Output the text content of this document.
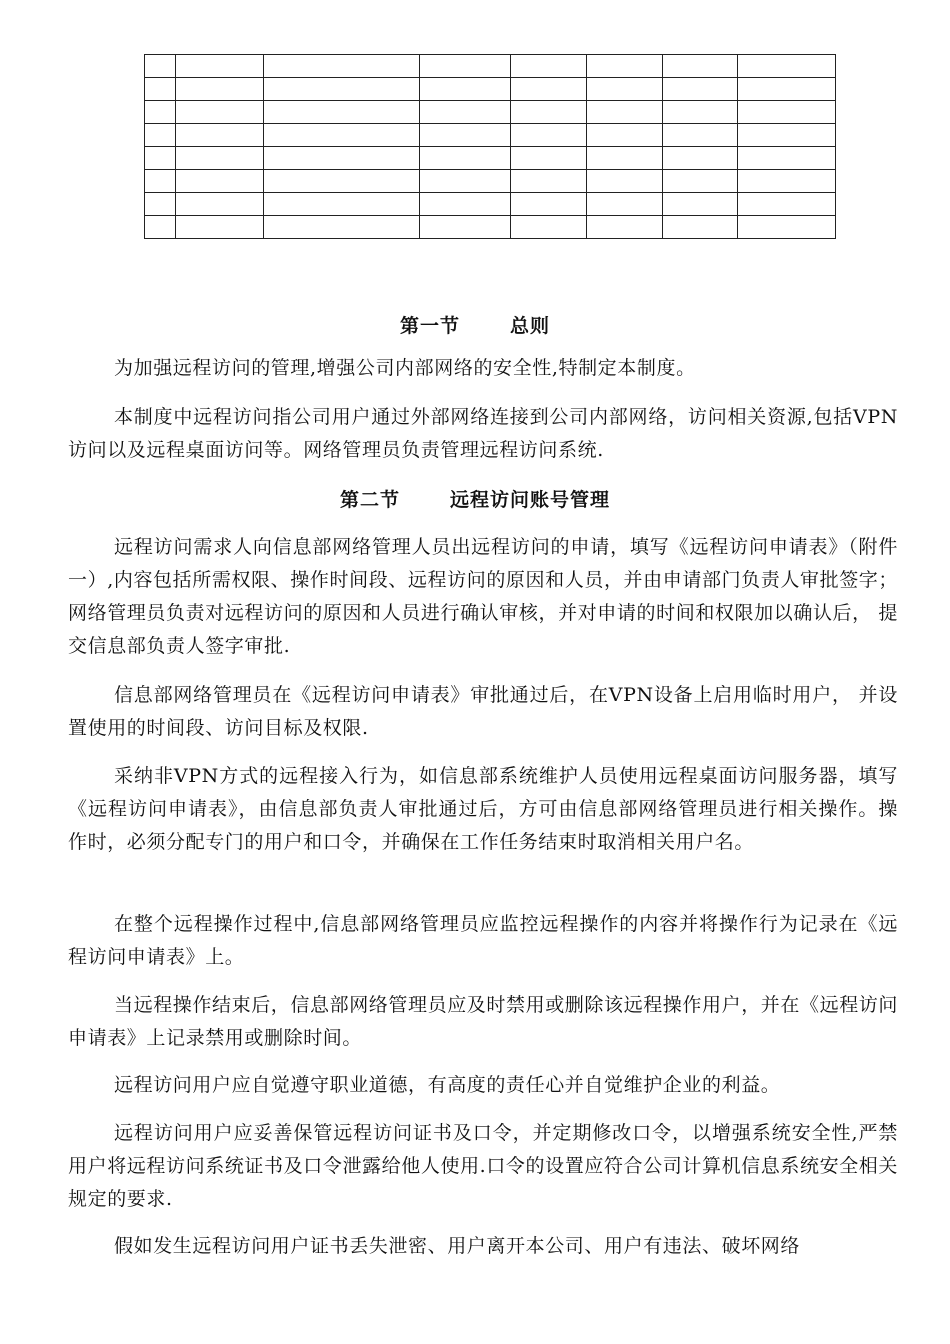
第一节	总则
为加强远程访问的管理,增强公司内部网络的安全性,特制定本制度。
本制度中远程访问指公司用户通过外部网络连接到公司内部网络，访问相关资源,包括VPN访问以及远程桌面访问等。网络管理员负责管理远程访问系统.
第二节	远程访问账号管理
远程访问需求人向信息部网络管理人员出远程访问的申请，填写《远程访问申请表》（附件一）,内容包括所需权限、操作时间段、远程访问的原因和人员，并由申请部门负责人审批签字；网络管理员负责对远程访问的原因和人员进行确认审核，并对申请的时间和权限加以确认后， 提交信息部负责人签字审批.
信息部网络管理员在《远程访问申请表》审批通过后，在VPN设备上启用临时用户， 并设置使用的时间段、访问目标及权限.
采纳非VPN方式的远程接入行为，如信息部系统维护人员使用远程桌面访问服务器，填写《远程访问申请表》，由信息部负责人审批通过后，方可由信息部网络管理员进行相关操作。操作时，必须分配专门的用户和口令，并确保在工作任务结束时取消相关用户名。
在整个远程操作过程中,信息部网络管理员应监控远程操作的内容并将操作行为记录在《远程访问申请表》上。
当远程操作结束后，信息部网络管理员应及时禁用或删除该远程操作用户，并在《远程访问申请表》上记录禁用或删除时间。
远程访问用户应自觉遵守职业道德，有高度的责任心并自觉维护企业的利益。
远程访问用户应妥善保管远程访问证书及口令，并定期修改口令，以增强系统安全性,严禁用户将远程访问系统证书及口令泄露给他人使用.口令的设置应符合公司计算机信息系统安全相关规定的要求.
假如发生远程访问用户证书丢失泄密、用户离开本公司、用户有违法、破坏网络
